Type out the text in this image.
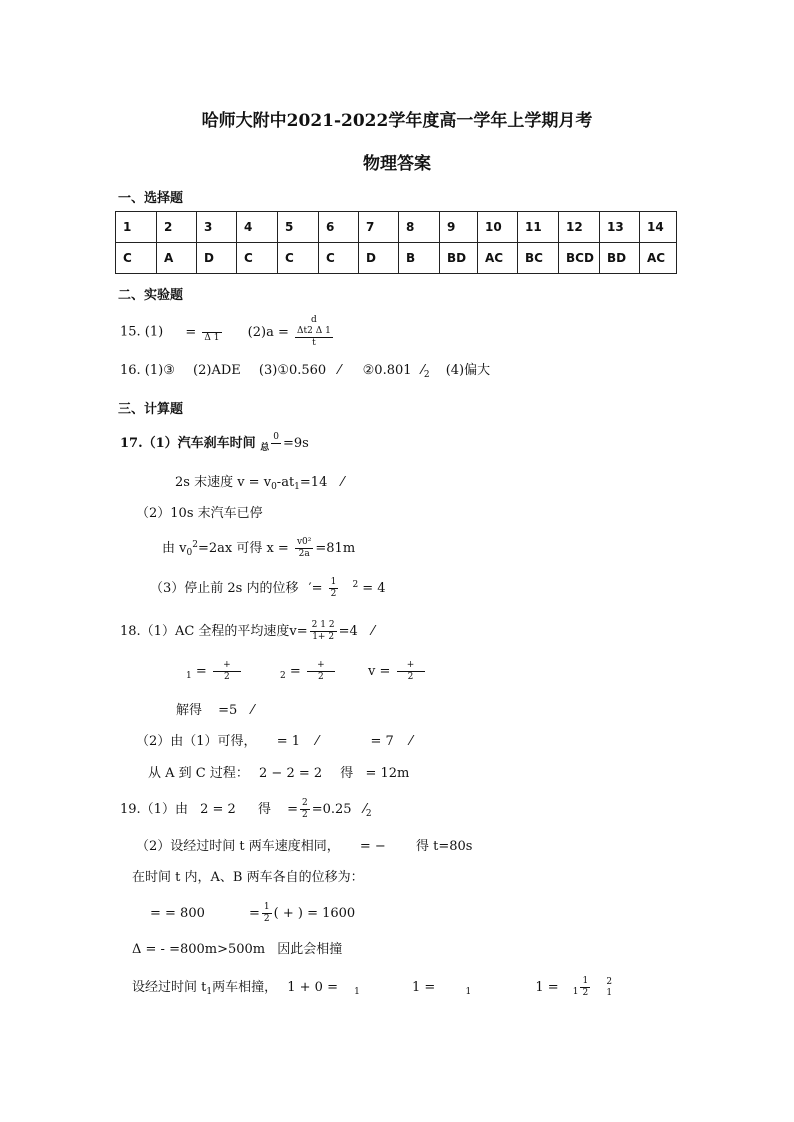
哈师大附中2021-2022学年度高一学年上学期月考
物理答案
一、选择题
1	2	3	4	5	6	7	8	9	10	11	12	13	14
C	A	D	C	C	C	D	B	BD	AC	BC	BCD	BD	AC
二、实验题
15. (1) =
Δ 1 (2)a = d
Δt2 Δ 1
t
16. (1)③ (2)ADE (3)①0.560 ⁄ ②0.801 $⁄_2$ (4)偏大
三、计算题
17.（1）汽车刹车时间 $_总$
0
=9s
2s 末速度 $v = v_0-at_1=14$ ⁄
（2）10s 末汽车已停
由 $v_0^2=2ax$ 可得 $x = \frac{\text{v0²}}{2a} =81m$
（3）停止前 2s 内的位移 ′= $\frac{1}{2} ^2 = 4$
18.（1）AC 全程的平均速度$v= \frac{2 1 2}{1+ 2} =4$ ⁄
$_1 = \frac{+}{2}$	$_2 = \frac{+}{2}$	$v = \frac{+}{2}$
解得 =5 ⁄
（2）由（1）可得， = 1 ⁄	= 7 ⁄
从 A 到 C 过程： 2 − 2 = 2 得 = 12m
19.（1）由 2 = 2 得 = $\frac{2}{2} =0.25$ $⁄_2$
（2）设经过时间 t 两车速度相同， = − 得 t=80s
在时间 t 内，A、B 两车各自的位移为：
= = 800	= $\frac{1}{2}$ ( + ) = 1600
Δ = - =800m>500m 因此会相撞
设经过时间 $t_1$两车相撞， 1 + 0 = $_1$	1 =	$_1$	$1 = _1 \frac{1}{2}$
2
1
